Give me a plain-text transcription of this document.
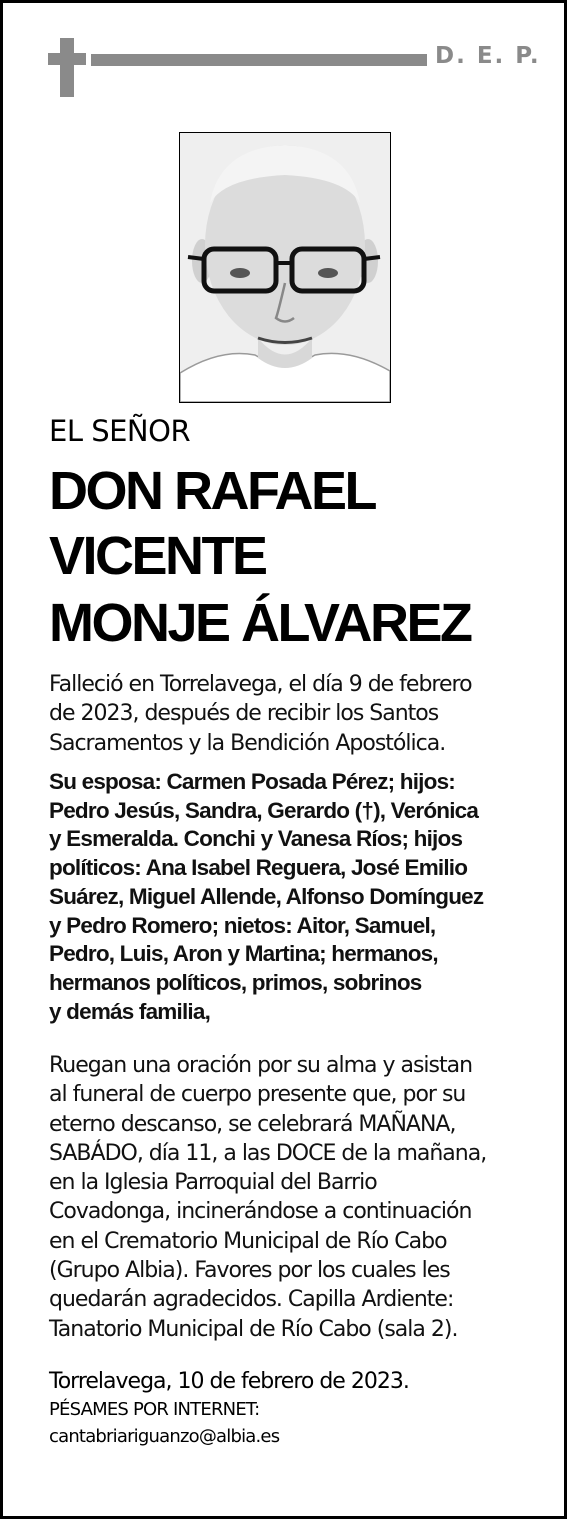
D. E. P.
EL SEÑOR
DON RAFAEL
VICENTE
MONJE ÁLVAREZ
Falleció en Torrelavega, el día 9 de febrero
de 2023, después de recibir los Santos
Sacramentos y la Bendición Apostólica.
Su esposa: Carmen Posada Pérez; hijos:
Pedro Jesús, Sandra, Gerardo (†), Verónica
y Esmeralda. Conchi y Vanesa Ríos; hijos
políticos: Ana Isabel Reguera, José Emilio
Suárez, Miguel Allende, Alfonso Domínguez
y Pedro Romero; nietos: Aitor, Samuel,
Pedro, Luis, Aron y Martina; hermanos,
hermanos políticos, primos, sobrinos
y demás familia,
Ruegan una oración por su alma y asistan
al funeral de cuerpo presente que, por su
eterno descanso, se celebrará MAÑANA,
SABÁDO, día 11, a las DOCE de la mañana,
en la Iglesia Parroquial del Barrio
Covadonga, incinerándose a continuación
en el Crematorio Municipal de Río Cabo
(Grupo Albia). Favores por los cuales les
quedarán agradecidos. Capilla Ardiente:
Tanatorio Municipal de Río Cabo (sala 2).
Torrelavega, 10 de febrero de 2023.
PÉSAMES POR INTERNET:
cantabriariguanzo@albia.es
